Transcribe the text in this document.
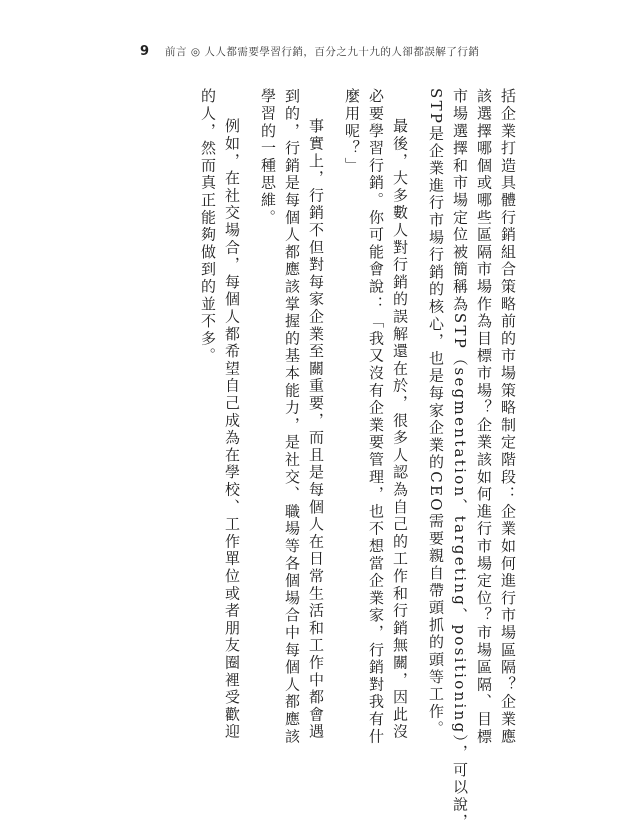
9 前言 ◎ 人人都需要學習行銷，百分之九十九的人卻都誤解了行銷
括企業打造具體行銷組合策略前的市場策略制定階段：企業如何進行市場區隔？企業應
該選擇哪個或哪些區隔市場作為目標市場？企業該如何進行市場定位？市場區隔、目標
市場選擇和市場定位被簡稱為STP（segmentation、targeting、positioning），可以說，
STP是企業進行市場行銷的核心，也是每家企業的CEO需要親自帶頭抓的頭等工作。
最後，大多數人對行銷的誤解還在於，很多人認為自己的工作和行銷無關，因此沒
必要學習行銷。你可能會說：「我又沒有企業要管理，也不想當企業家，行銷對我有什
麼用呢？」
事實上，行銷不但對每家企業至關重要，而且是每個人在日常生活和工作中都會遇
到的，行銷是每個人都應該掌握的基本能力，是社交、職場等各個場合中每個人都應該
學習的一種思維。
例如，在社交場合，每個人都希望自己成為在學校、工作單位或者朋友圈裡受歡迎
的人，然而真正能夠做到的並不多。
